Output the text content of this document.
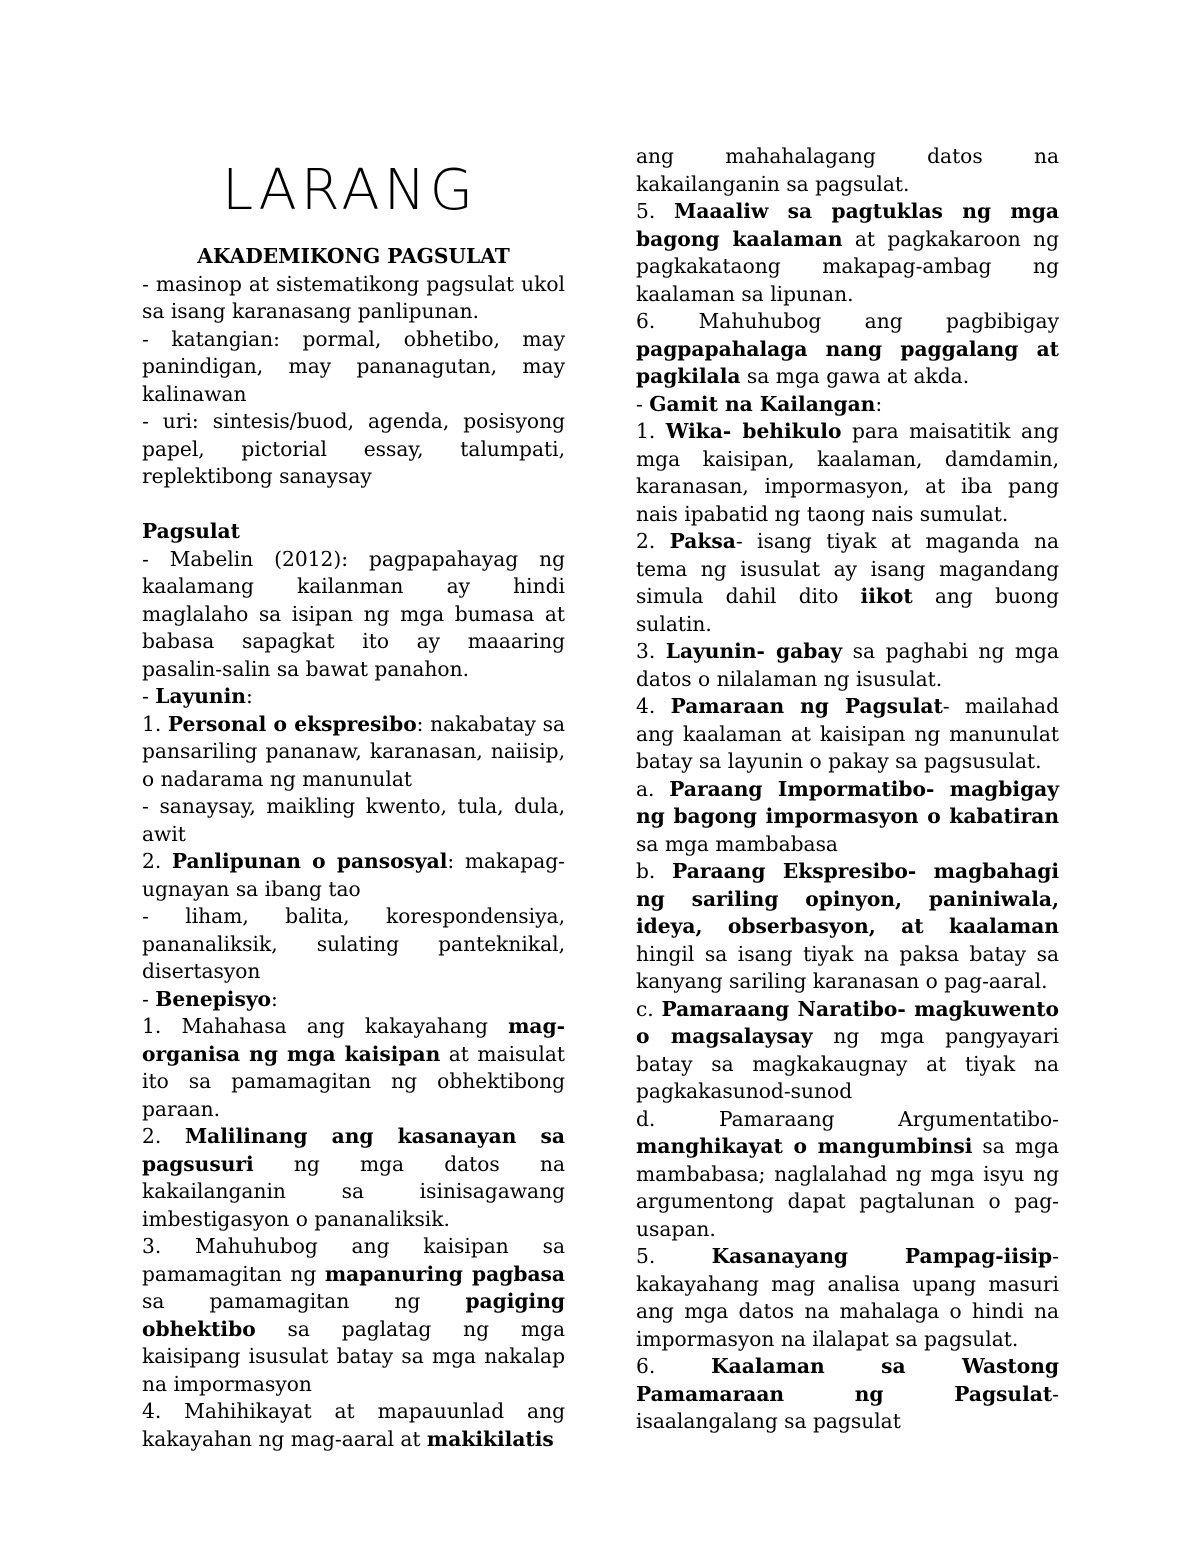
LARANG
AKADEMIKONG PAGSULAT

- masinop at sistematikong pagsulat ukol sa isang karanasang panlipunan.

- katangian: pormal, obhetibo, may panindigan, may pananagutan, may kalinawan

- uri: sintesis/buod, agenda, posisyong papel, pictorial essay, talumpati, replektibong sanaysay

Pagsulat

- Mabelin (2012): pagpapahayag ng kaalamang kailanman ay hindi maglalaho sa isipan ng mga bumasa at babasa sapagkat ito ay maaaring pasalin-salin sa bawat panahon.

- Layunin:

1. Personal o ekspresibo: nakabatay sa pansariling pananaw, karanasan, naiisip, o nadarama ng manunulat

- sanaysay, maikling kwento, tula, dula, awit

2. Panlipunan o pansosyal: makapag-ugnayan sa ibang tao

- liham, balita, korespondensiya, pananaliksik, sulating panteknikal, disertasyon

- Benepisyo:

1. Mahahasa ang kakayahang mag-organisa ng mga kaisipan at maisulat ito sa pamamagitan ng obhektibong paraan.

2. Malilinang ang kasanayan sa pagsusuri ng mga datos na kakailanganin sa isinisagawang imbestigasyon o pananaliksik.

3. Mahuhubog ang kaisipan sa pamamagitan ng mapanuring pagbasa sa pamamagitan ng pagiging obhektibo sa paglatag ng mga kaisipang isusulat batay sa mga nakalap na impormasyon

4. Mahihikayat at mapauunlad ang kakayahan ng mag-aaral at makikilatis

ang mahahalagang datos na kakailanganin sa pagsulat.

5. Maaaliw sa pagtuklas ng mga bagong kaalaman at pagkakaroon ng pagkakataong makapag-ambag ng kaalaman sa lipunan.

6. Mahuhubog ang pagbibigay pagpapahalaga nang paggalang at pagkilala sa mga gawa at akda.

- Gamit na Kailangan:

1. Wika- behikulo para maisatitik ang mga kaisipan, kaalaman, damdamin, karanasan, impormasyon, at iba pang nais ipabatid ng taong nais sumulat.

2. Paksa- isang tiyak at maganda na tema ng isusulat ay isang magandang simula dahil dito iikot ang buong sulatin.

3. Layunin- gabay sa paghabi ng mga datos o nilalaman ng isusulat.

4. Pamaraan ng Pagsulat- mailahad ang kaalaman at kaisipan ng manunulat batay sa layunin o pakay sa pagsusulat.

a. Paraang Impormatibo- magbigay ng bagong impormasyon o kabatiran sa mga mambabasa

b. Paraang Ekspresibo- magbahagi ng sariling opinyon, paniniwala, ideya, obserbasyon, at kaalaman hingil sa isang tiyak na paksa batay sa kanyang sariling karanasan o pag-aaral.

c. Pamaraang Naratibo- magkuwento o magsalaysay ng mga pangyayari batay sa magkakaugnay at tiyak na pagkakasunod-sunod

d. Pamaraang Argumentatibo- manghikayat o mangumbinsi sa mga mambabasa; naglalahad ng mga isyu ng argumentong dapat pagtalunan o pag-usapan.

5. Kasanayang Pampag-iisip- kakayahang mag analisa upang masuri ang mga datos na mahalaga o hindi na impormasyon na ilalapat sa pagsulat.

6. Kaalaman sa Wastong Pamamaraan ng Pagsulat- isaalangalang sa pagsulat
